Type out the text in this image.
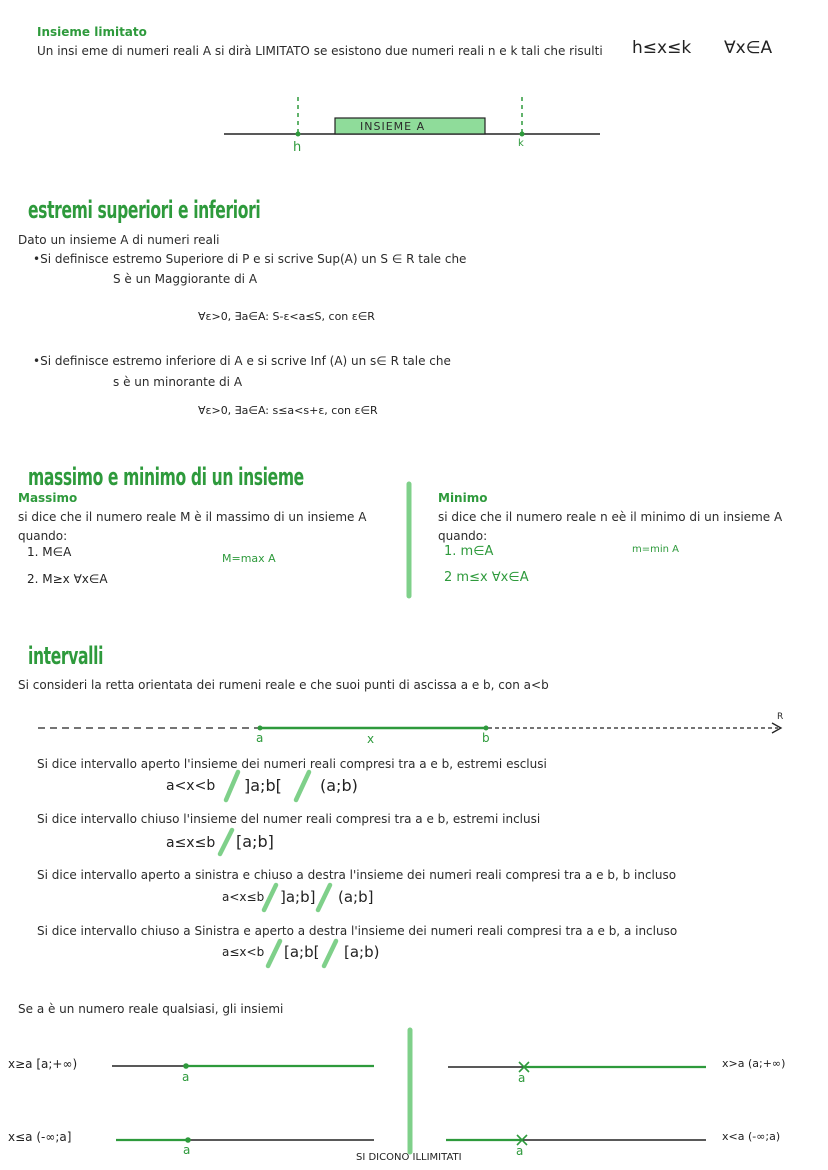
Insieme limitato
Un insi eme di numeri reali A si dirà LIMITATO se esistono due numeri reali n e k tali che risulti h≤x≤k ∀x∈A
INSIEME A
h	k
estremi superiori e inferiori
Dato un insieme A di numeri reali
•Si definisce estremo Superiore di P e si scrive Sup(A) un S ∈ R tale che
S è un Maggiorante di A
∀ε>0, ∃a∈A: S-ε<a≤S, con ε∈R
•Si definisce estremo inferiore di A e si scrive Inf (A) un s∈ R tale che
s è un minorante di A
∀ε>0, ∃a∈A: s≤a<s+ε, con ε∈R
massimo e minimo di un insieme
Massimo
si dice che il numero reale M è il massimo di un insieme A
quando:
1. M∈A
2. M≥x ∀x∈A
M=max A
Minimo
si dice che il numero reale n eè il minimo di un insieme A
quando:
1. m∈A
2 m≤x ∀x∈A
m=min A
intervalli
Si consideri la retta orientata dei rumeni reale e che suoi punti di ascissa a e b, con a<b
a	b
x
R
Si dice intervallo aperto l'insieme dei numeri reali compresi tra a e b, estremi esclusi
a<x<b ]a;b[ (a;b)
Si dice intervallo chiuso l'insieme del numer reali compresi tra a e b, estremi inclusi
a≤x≤b [a;b]
Si dice intervallo aperto a sinistra e chiuso a destra l'insieme dei numeri reali compresi tra a e b, b incluso
a<x≤b ]a;b] (a;b]
Si dice intervallo chiuso a Sinistra e aperto a destra l'insieme dei numeri reali compresi tra a e b, a incluso
a≤x<b [a;b[ [a;b)
Se a è un numero reale qualsiasi, gli insiemi
x≥a [a;+∞)	x>a (a;+∞)
x≤a (-∞;a]	x<a (-∞;a)
a	a
a	a
SI DICONO ILLIMITATI
